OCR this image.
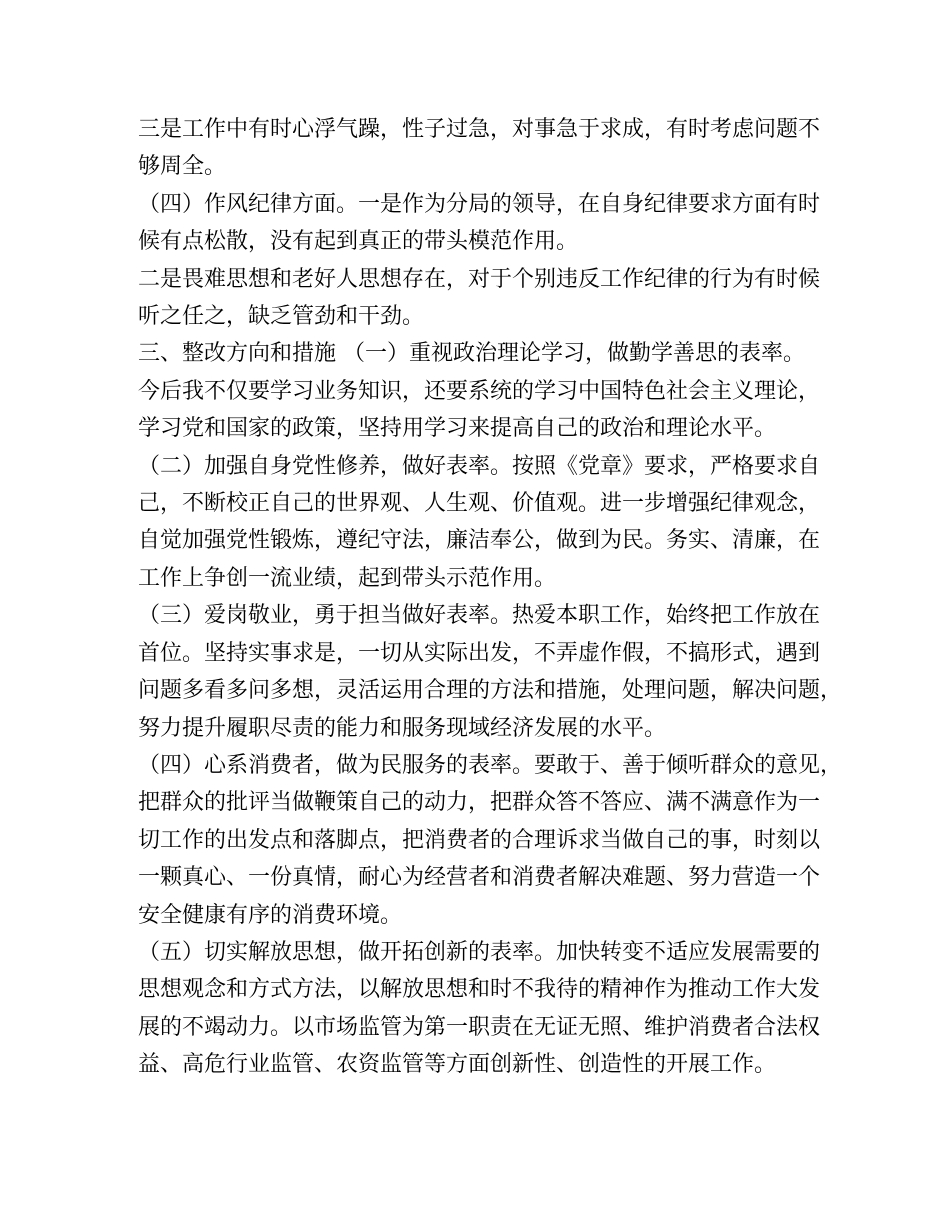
三是工作中有时心浮气躁，性子过急，对事急于求成，有时考虑问题不

够周全。

（四）作风纪律方面。一是作为分局的领导，在自身纪律要求方面有时

候有点松散，没有起到真正的带头模范作用。

二是畏难思想和老好人思想存在，对于个别违反工作纪律的行为有时候

听之任之，缺乏管劲和干劲。

三、整改方向和措施 （一）重视政治理论学习，做勤学善思的表率。

今后我不仅要学习业务知识，还要系统的学习中国特色社会主义理论，

学习党和国家的政策，坚持用学习来提高自己的政治和理论水平。

（二）加强自身党性修养，做好表率。按照《党章》要求，严格要求自

己，不断校正自己的世界观、人生观、价值观。进一步增强纪律观念，

自觉加强党性锻炼，遵纪守法，廉洁奉公，做到为民。务实、清廉，在

工作上争创一流业绩，起到带头示范作用。

（三）爱岗敬业，勇于担当做好表率。热爱本职工作，始终把工作放在

首位。坚持实事求是，一切从实际出发，不弄虚作假，不搞形式，遇到

问题多看多问多想，灵活运用合理的方法和措施，处理问题，解决问题，

努力提升履职尽责的能力和服务现域经济发展的水平。

（四）心系消费者，做为民服务的表率。要敢于、善于倾听群众的意见，

把群众的批评当做鞭策自己的动力，把群众答不答应、满不满意作为一

切工作的出发点和落脚点，把消费者的合理诉求当做自己的事，时刻以

一颗真心、一份真情，耐心为经营者和消费者解决难题、努力营造一个

安全健康有序的消费环境。

（五）切实解放思想，做开拓创新的表率。加快转变不适应发展需要的

思想观念和方式方法，以解放思想和时不我待的精神作为推动工作大发

展的不竭动力。以市场监管为第一职责在无证无照、维护消费者合法权

益、高危行业监管、农资监管等方面创新性、创造性的开展工作。
